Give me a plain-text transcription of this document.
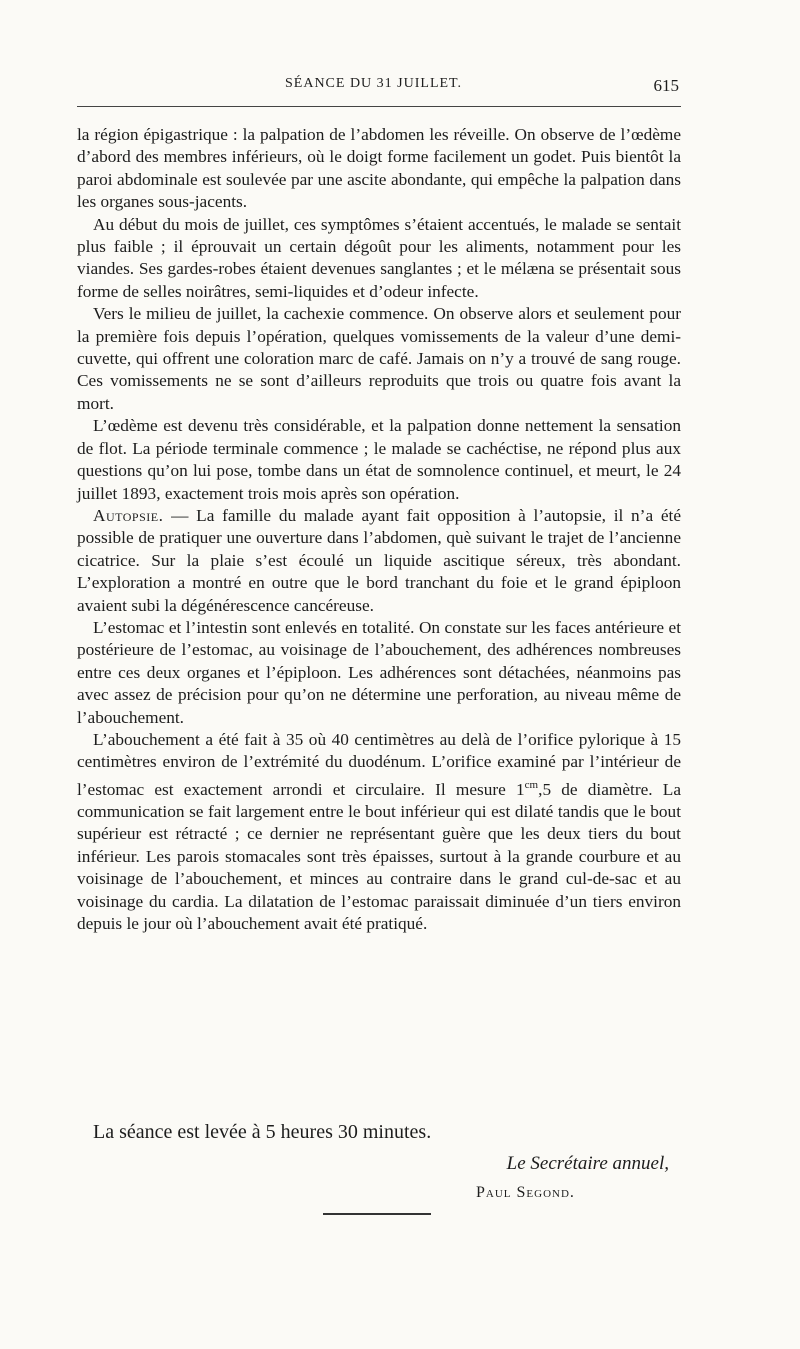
SÉANCE DU 31 JUILLET.	615

la région épigastrique : la palpation de l’abdomen les réveille. On observe de l’œdème d’abord des membres inférieurs, où le doigt forme facilement un godet. Puis bientôt la paroi abdominale est soulevée par une ascite abondante, qui empêche la palpation dans les organes sous-jacents.

Au début du mois de juillet, ces symptômes s’étaient accentués, le malade se sentait plus faible ; il éprouvait un certain dégoût pour les aliments, notamment pour les viandes. Ses gardes-robes étaient devenues sanglantes ; et le mélæna se présentait sous forme de selles noirâtres, semi-liquides et d’odeur infecte.

Vers le milieu de juillet, la cachexie commence. On observe alors et seulement pour la première fois depuis l’opération, quelques vomissements de la valeur d’une demi-cuvette, qui offrent une coloration marc de café. Jamais on n’y a trouvé de sang rouge. Ces vomissements ne se sont d’ailleurs reproduits que trois ou quatre fois avant la mort.

L’œdème est devenu très considérable, et la palpation donne nettement la sensation de flot. La période terminale commence ; le malade se cachéctise, ne répond plus aux questions qu’on lui pose, tombe dans un état de somnolence continuel, et meurt, le 24 juillet 1893, exactement trois mois après son opération.

Autopsie. — La famille du malade ayant fait opposition à l’autopsie, il n’a été possible de pratiquer une ouverture dans l’abdomen, què suivant le trajet de l’ancienne cicatrice. Sur la plaie s’est écoulé un liquide ascitique séreux, très abondant. L’exploration a montré en outre que le bord tranchant du foie et le grand épiploon avaient subi la dégénérescence cancéreuse.

L’estomac et l’intestin sont enlevés en totalité. On constate sur les faces antérieure et postérieure de l’estomac, au voisinage de l’abouchement, des adhérences nombreuses entre ces deux organes et l’épiploon. Les adhérences sont détachées, néanmoins pas avec assez de précision pour qu’on ne détermine une perforation, au niveau même de l’abouchement.

L’abouchement a été fait à 35 où 40 centimètres au delà de l’orifice pylorique à 15 centimètres environ de l’extrémité du duodénum. L’orifice examiné par l’intérieur de l’estomac est exactement arrondi et circulaire. Il mesure $1^{cm},5$ de diamètre. La communication se fait largement entre le bout inférieur qui est dilaté tandis que le bout supérieur est rétracté ; ce dernier ne représentant guère que les deux tiers du bout inférieur. Les parois stomacales sont très épaisses, surtout à la grande courbure et au voisinage de l’abouchement, et minces au contraire dans le grand cul-de-sac et au voisinage du cardia. La dilatation de l’estomac paraissait diminuée d’un tiers environ depuis le jour où l’abouchement avait été pratiqué.

La séance est levée à 5 heures 30 minutes.
Le Secrétaire annuel,
Paul Segond.
